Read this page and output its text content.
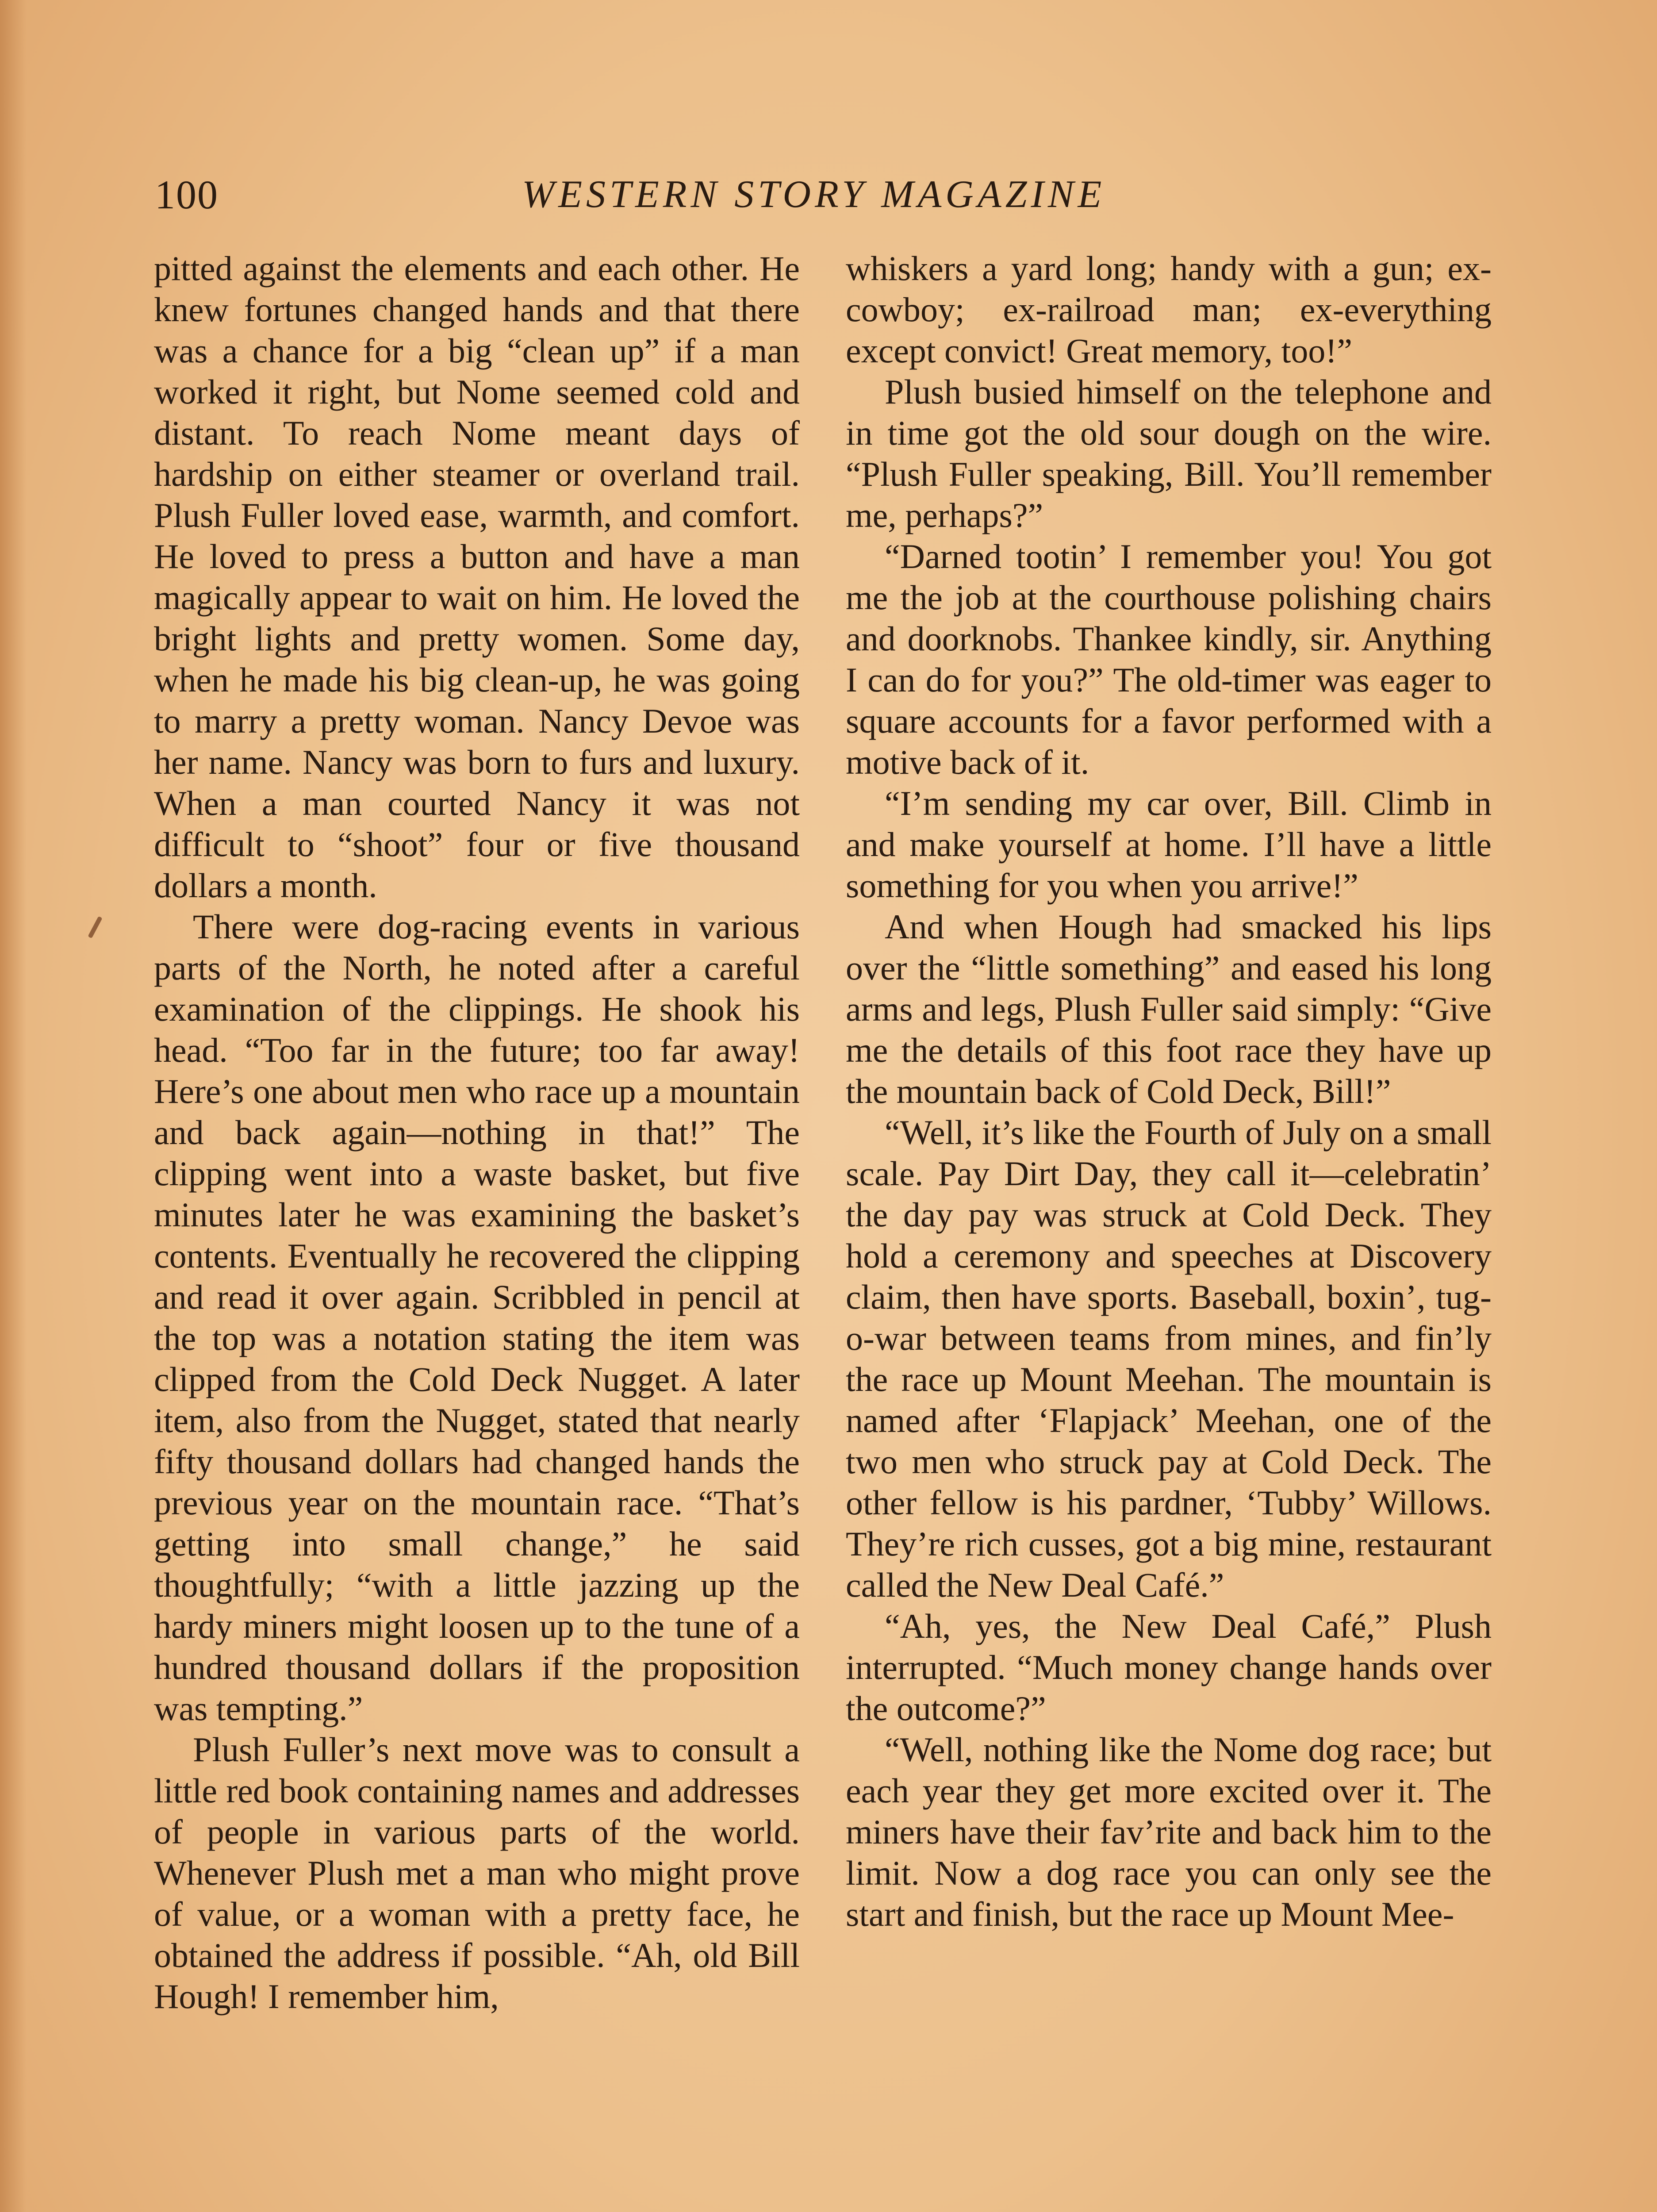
100	WESTERN STORY MAGAZINE

pitted against the elements and each other. He knew fortunes changed hands and that there was a chance for a big “clean up” if a man worked it right, but Nome seemed cold and distant. To reach Nome meant days of hardship on either steamer or overland trail. Plush Fuller loved ease, warmth, and comfort. He loved to press a button and have a man magically appear to wait on him. He loved the bright lights and pretty women. Some day, when he made his big clean-up, he was going to marry a pretty woman. Nancy Devoe was her name. Nancy was born to furs and luxury. When a man courted Nancy it was not difficult to “shoot” four or five thousand dollars a month.

There were dog-racing events in various parts of the North, he noted after a careful examination of the clippings. He shook his head. “Too far in the future; too far away! Here’s one about men who race up a mountain and back again—nothing in that!” The clipping went into a waste basket, but five minutes later he was examining the basket’s contents. Eventually he recovered the clipping and read it over again. Scribbled in pencil at the top was a notation stating the item was clipped from the Cold Deck Nugget. A later item, also from the Nugget, stated that nearly fifty thousand dollars had changed hands the previous year on the mountain race. “That’s getting into small change,” he said thoughtfully; “with a little jazzing up the hardy miners might loosen up to the tune of a hundred thousand dollars if the proposition was tempting.”

Plush Fuller’s next move was to consult a little red book containing names and addresses of people in various parts of the world. Whenever Plush met a man who might prove of value, or a woman with a pretty face, he obtained the address if possible. “Ah, old Bill Hough! I remember him,

whiskers a yard long; handy with a gun; ex-cowboy; ex-railroad man; ex-everything except convict! Great memory, too!”

Plush busied himself on the telephone and in time got the old sour dough on the wire. “Plush Fuller speaking, Bill. You’ll remember me, perhaps?”

“Darned tootin’ I remember you! You got me the job at the courthouse polishing chairs and doorknobs. Thankee kindly, sir. Anything I can do for you?” The old-timer was eager to square accounts for a favor performed with a motive back of it.

“I’m sending my car over, Bill. Climb in and make yourself at home. I’ll have a little something for you when you arrive!”

And when Hough had smacked his lips over the “little something” and eased his long arms and legs, Plush Fuller said simply: “Give me the details of this foot race they have up the mountain back of Cold Deck, Bill!”

“Well, it’s like the Fourth of July on a small scale. Pay Dirt Day, they call it—celebratin’ the day pay was struck at Cold Deck. They hold a ceremony and speeches at Discovery claim, then have sports. Baseball, boxin’, tug-o-war between teams from mines, and fin’ly the race up Mount Meehan. The mountain is named after ‘Flapjack’ Meehan, one of the two men who struck pay at Cold Deck. The other fellow is his pardner, ‘Tubby’ Willows. They’re rich cusses, got a big mine, restaurant called the New Deal Café.”

“Ah, yes, the New Deal Café,” Plush interrupted. “Much money change hands over the outcome?”

“Well, nothing like the Nome dog race; but each year they get more excited over it. The miners have their fav’rite and back him to the limit. Now a dog race you can only see the start and finish, but the race up Mount Mee-
